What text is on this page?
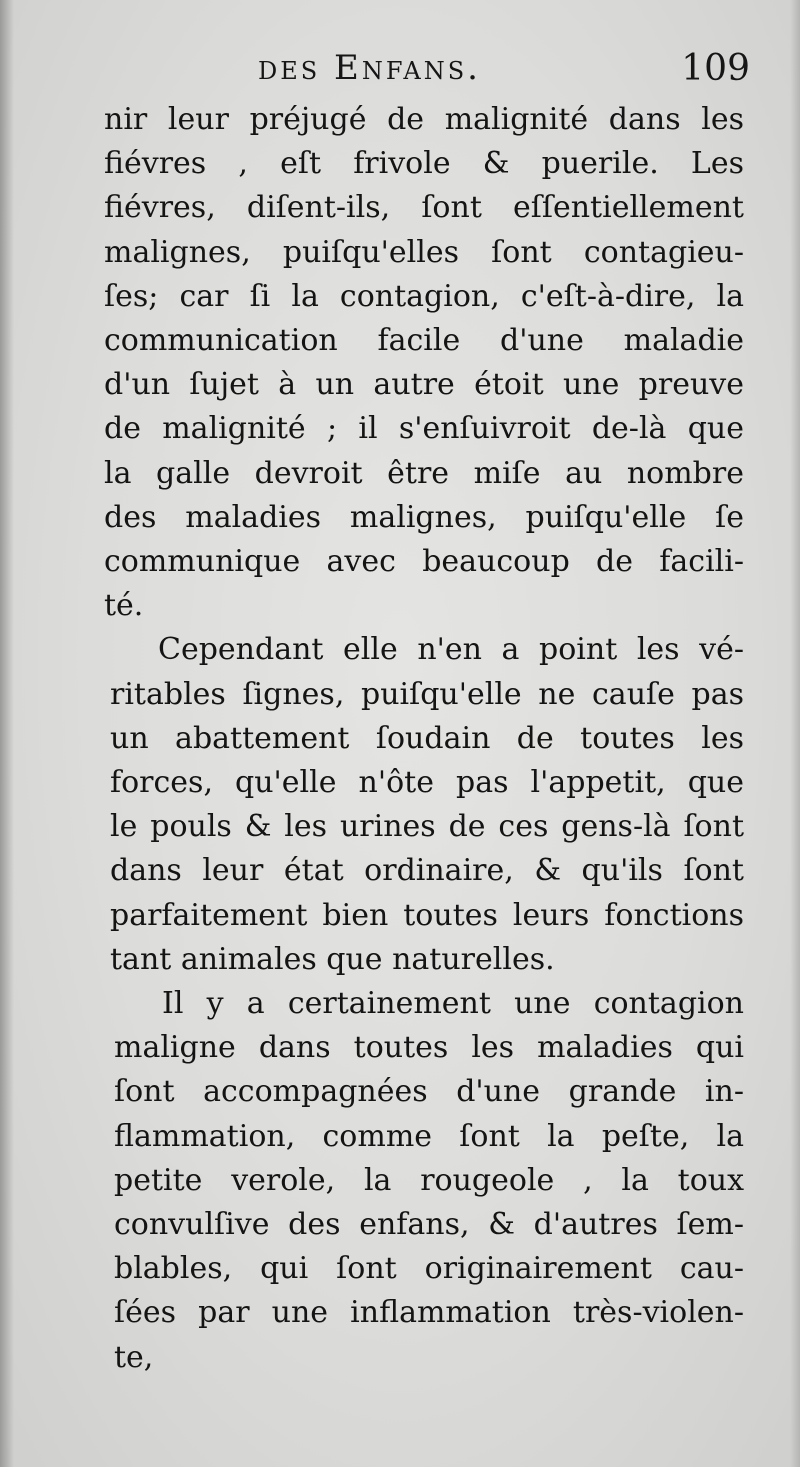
des Enfans.	109
nir leur préjugé de malignité dans les
fiévres , eſt frivole & puerile. Les
fiévres, diſent-ils, ſont eſſentiellement
malignes, puiſqu'elles ſont contagieu-
ſes; car ſi la contagion, c'eſt-à-dire, la
communication facile d'une maladie
d'un ſujet à un autre étoit une preuve
de malignité ; il s'enſuivroit de-là que
la galle devroit être miſe au nombre
des maladies malignes, puiſqu'elle ſe
communique avec beaucoup de facili-
té.
Cependant elle n'en a point les vé-
ritables ſignes, puiſqu'elle ne cauſe pas
un abattement ſoudain de toutes les
forces, qu'elle n'ôte pas l'appetit, que
le pouls & les urines de ces gens-là ſont
dans leur état ordinaire, & qu'ils ſont
parfaitement bien toutes leurs fonctions
tant animales que naturelles.
Il y a certainement une contagion
maligne dans toutes les maladies qui
ſont accompagnées d'une grande in-
flammation, comme ſont la peſte, la
petite verole, la rougeole , la toux
convulſive des enfans, & d'autres ſem-
blables, qui ſont originairement cau-
ſées par une inflammation très-violen-
te,
